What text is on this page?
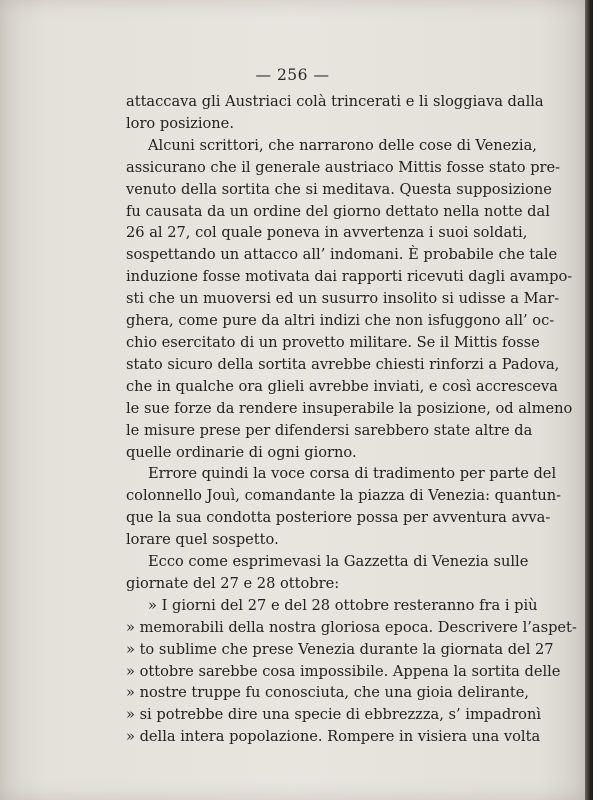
— 256 —
attaccava gli Austriaci colà trincerati e li sloggiava dalla
loro posizione.
Alcuni scrittori, che narrarono delle cose di Venezia,
assicurano che il generale austriaco Mittis fosse stato pre-
venuto della sortita che si meditava. Questa supposizione
fu causata da un ordine del giorno dettato nella notte dal
26 al 27, col quale poneva in avvertenza i suoi soldati,
sospettando un attacco all’ indomani. È probabile che tale
induzione fosse motivata dai rapporti ricevuti dagli avampo-
sti che un muoversi ed un susurro insolito si udisse a Mar-
ghera, come pure da altri indizi che non isfuggono all’ oc-
chio esercitato di un provetto militare. Se il Mittis fosse
stato sicuro della sortita avrebbe chiesti rinforzi a Padova,
che in qualche ora glieli avrebbe inviati, e così accresceva
le sue forze da rendere insuperabile la posizione, od almeno
le misure prese per difendersi sarebbero state altre da
quelle ordinarie di ogni giorno.
Errore quindi la voce corsa di tradimento per parte del
colonnello Jouì, comandante la piazza di Venezia: quantun-
que la sua condotta posteriore possa per avventura avva-
lorare quel sospetto.
Ecco come esprimevasi la Gazzetta di Venezia sulle
giornate del 27 e 28 ottobre:
» I giorni del 27 e del 28 ottobre resteranno fra i più
» memorabili della nostra gloriosa epoca. Descrivere l’aspet-
» to sublime che prese Venezia durante la giornata del 27
» ottobre sarebbe cosa impossibile. Appena la sortita delle
» nostre truppe fu conosciuta, che una gioia delirante,
» si potrebbe dire una specie di ebbrezzza, s’ impadronì
» della intera popolazione. Rompere in visiera una volta
